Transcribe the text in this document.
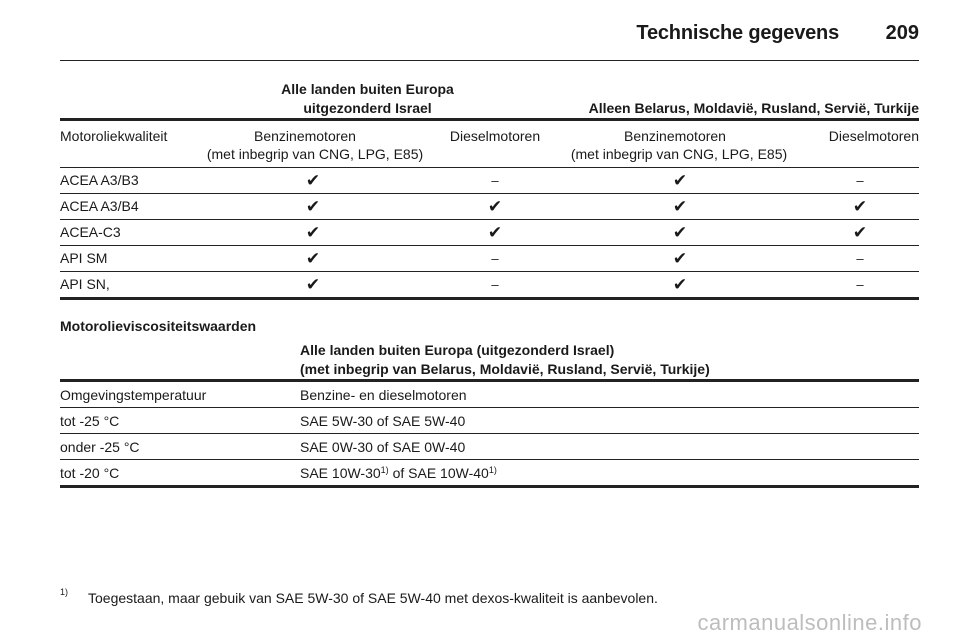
Technische gegevens 209
Alle landen buiten Europa
uitgezonderd Israel	Alleen Belarus, Moldavië, Rusland, Servië, Turkije
Motoroliekwaliteit	Benzinemotoren	Dieselmotoren	Benzinemotoren	Dieselmotoren
(met inbegrip van CNG, LPG, E85)	(met inbegrip van CNG, LPG, E85)
ACEA A3/B3	✔	–	✔	–
ACEA A3/B4	✔	✔	✔	✔
ACEA-C3	✔	✔	✔	✔
API SM	✔	–	✔	–
API SN,	✔	–	✔	–
Motorolieviscositeitswaarden
Alle landen buiten Europa (uitgezonderd Israel)
(met inbegrip van Belarus, Moldavië, Rusland, Servië, Turkije)
Omgevingstemperatuur	Benzine- en dieselmotoren
tot -25 °C	SAE 5W-30 of SAE 5W-40
onder -25 °C	SAE 0W-30 of SAE 0W-40
tot -20 °C	SAE 10W-30$^{1)}$ of SAE 10W-40$^{1)}$
1) Toegestaan, maar gebuik van SAE 5W-30 of SAE 5W-40 met dexos-kwaliteit is aanbevolen.
carmanualsonline.info
